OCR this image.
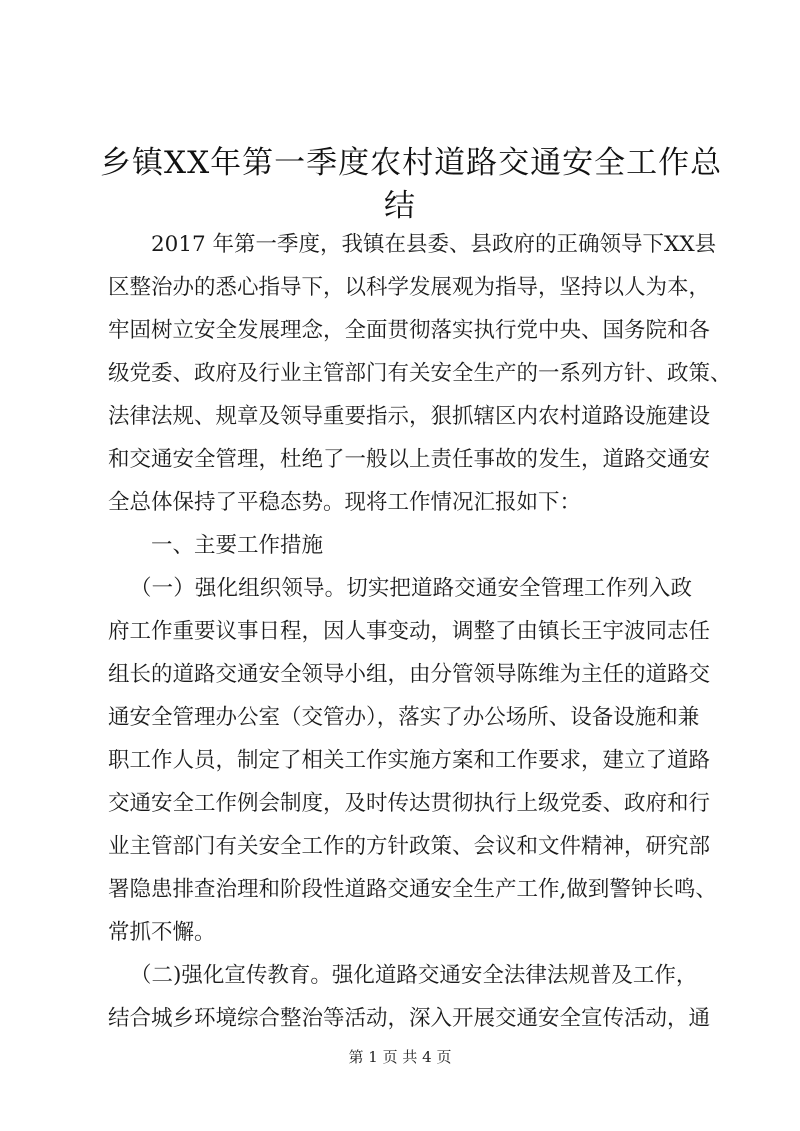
乡镇XX年第一季度农村道路交通安全工作总
结
2017 年第一季度，我镇在县委、县政府的正确领导下XX县
区整治办的悉心指导下，以科学发展观为指导，坚持以人为本，
牢固树立安全发展理念，全面贯彻落实执行党中央、国务院和各
级党委、政府及行业主管部门有关安全生产的一系列方针、政策、
法律法规、规章及领导重要指示，狠抓辖区内农村道路设施建设
和交通安全管理，杜绝了一般以上责任事故的发生，道路交通安
全总体保持了平稳态势。现将工作情况汇报如下：
一、主要工作措施
（一）强化组织领导。切实把道路交通安全管理工作列入政
府工作重要议事日程，因人事变动，调整了由镇长王宇波同志任
组长的道路交通安全领导小组，由分管领导陈维为主任的道路交
通安全管理办公室（交管办），落实了办公场所、设备设施和兼
职工作人员，制定了相关工作实施方案和工作要求，建立了道路
交通安全工作例会制度，及时传达贯彻执行上级党委、政府和行
业主管部门有关安全工作的方针政策、会议和文件精神，研究部
署隐患排查治理和阶段性道路交通安全生产工作,做到警钟长鸣、
常抓不懈。
（二)强化宣传教育。强化道路交通安全法律法规普及工作，
结合城乡环境综合整治等活动，深入开展交通安全宣传活动，通
第 1 页 共 4 页
